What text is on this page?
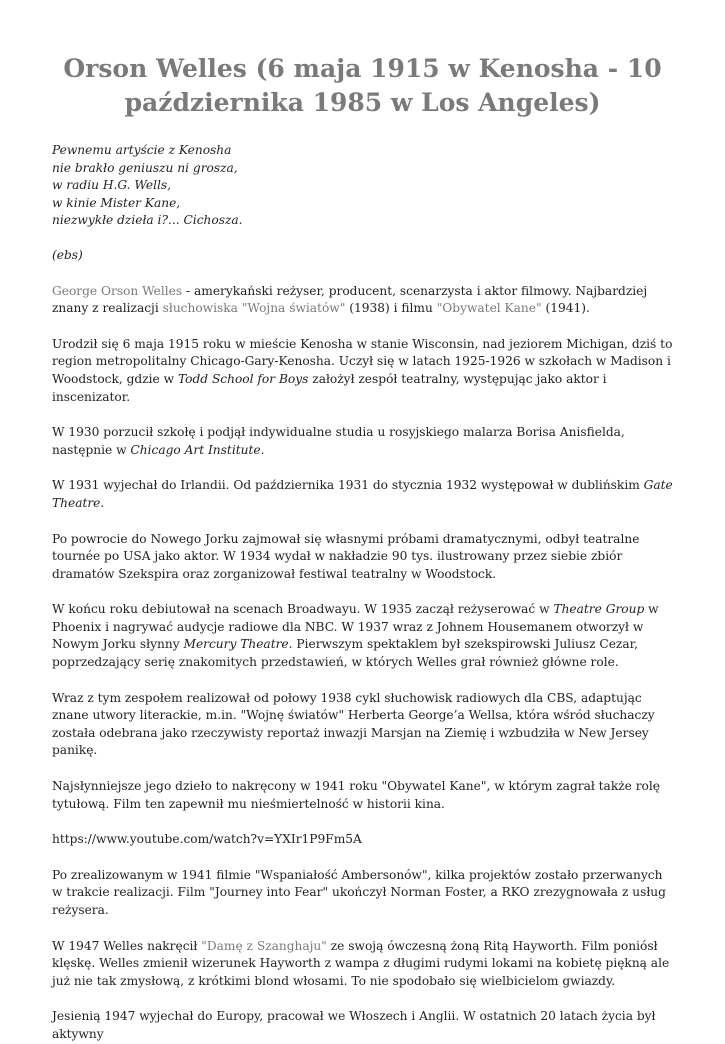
Orson Welles (6 maja 1915 w Kenosha - 10 października 1985 w Los Angeles)
Pewnemu artyście z Kenosha
nie brakło geniuszu ni grosza,
w radiu H.G. Wells,
w kinie Mister Kane,
niezwykłe dzieła i?... Cichosza.
(ebs)

George Orson Welles - amerykański reżyser, producent, scenarzysta i aktor filmowy. Najbardziej znany z realizacji słuchowiska "Wojna światów" (1938) i filmu "Obywatel Kane" (1941).

Urodził się 6 maja 1915 roku w mieście Kenosha w stanie Wisconsin, nad jeziorem Michigan, dziś to region metropolitalny Chicago-Gary-Kenosha. Uczył się w latach 1925-1926 w szkołach w Madison i Woodstock, gdzie w Todd School for Boys założył zespół teatralny, występując jako aktor i inscenizator.

W 1930 porzucił szkołę i podjął indywidualne studia u rosyjskiego malarza Borisa Anisfielda, następnie w Chicago Art Institute.

W 1931 wyjechał do Irlandii. Od października 1931 do stycznia 1932 występował w dublińskim Gate Theatre.

Po powrocie do Nowego Jorku zajmował się własnymi próbami dramatycznymi, odbył teatralne tournée po USA jako aktor. W 1934 wydał w nakładzie 90 tys. ilustrowany przez siebie zbiór dramatów Szekspira oraz zorganizował festiwal teatralny w Woodstock.

W końcu roku debiutował na scenach Broadwayu. W 1935 zaczął reżyserować w Theatre Group w Phoenix i nagrywać audycje radiowe dla NBC. W 1937 wraz z Johnem Housemanem otworzył w Nowym Jorku słynny Mercury Theatre. Pierwszym spektaklem był szekspirowski Juliusz Cezar, poprzedzający serię znakomitych przedstawień, w których Welles grał również główne role.

Wraz z tym zespołem realizował od połowy 1938 cykl słuchowisk radiowych dla CBS, adaptując znane utwory literackie, m.in. "Wojnę światów" Herberta George’a Wellsa, która wśród słuchaczy została odebrana jako rzeczywisty reportaż inwazji Marsjan na Ziemię i wzbudziła w New Jersey panikę.

Najsłynniejsze jego dzieło to nakręcony w 1941 roku "Obywatel Kane", w którym zagrał także rolę tytułową. Film ten zapewnił mu nieśmiertelność w historii kina.

https://www.youtube.com/watch?v=YXIr1P9Fm5A

Po zrealizowanym w 1941 filmie "Wspaniałość Ambersonów", kilka projektów zostało przerwanych w trakcie realizacji. Film "Journey into Fear" ukończył Norman Foster, a RKO zrezygnowała z usług reżysera.

W 1947 Welles nakręcił "Damę z Szanghaju" ze swoją ówczesną żoną Ritą Hayworth. Film poniósł klęskę. Welles zmienił wizerunek Hayworth z wampa z długimi rudymi lokami na kobietę piękną ale już nie tak zmysłową, z krótkimi blond włosami. To nie spodobało się wielbicielom gwiazdy.

Jesienią 1947 wyjechał do Europy, pracował we Włoszech i Anglii. W ostatnich 20 latach życia był aktywny
